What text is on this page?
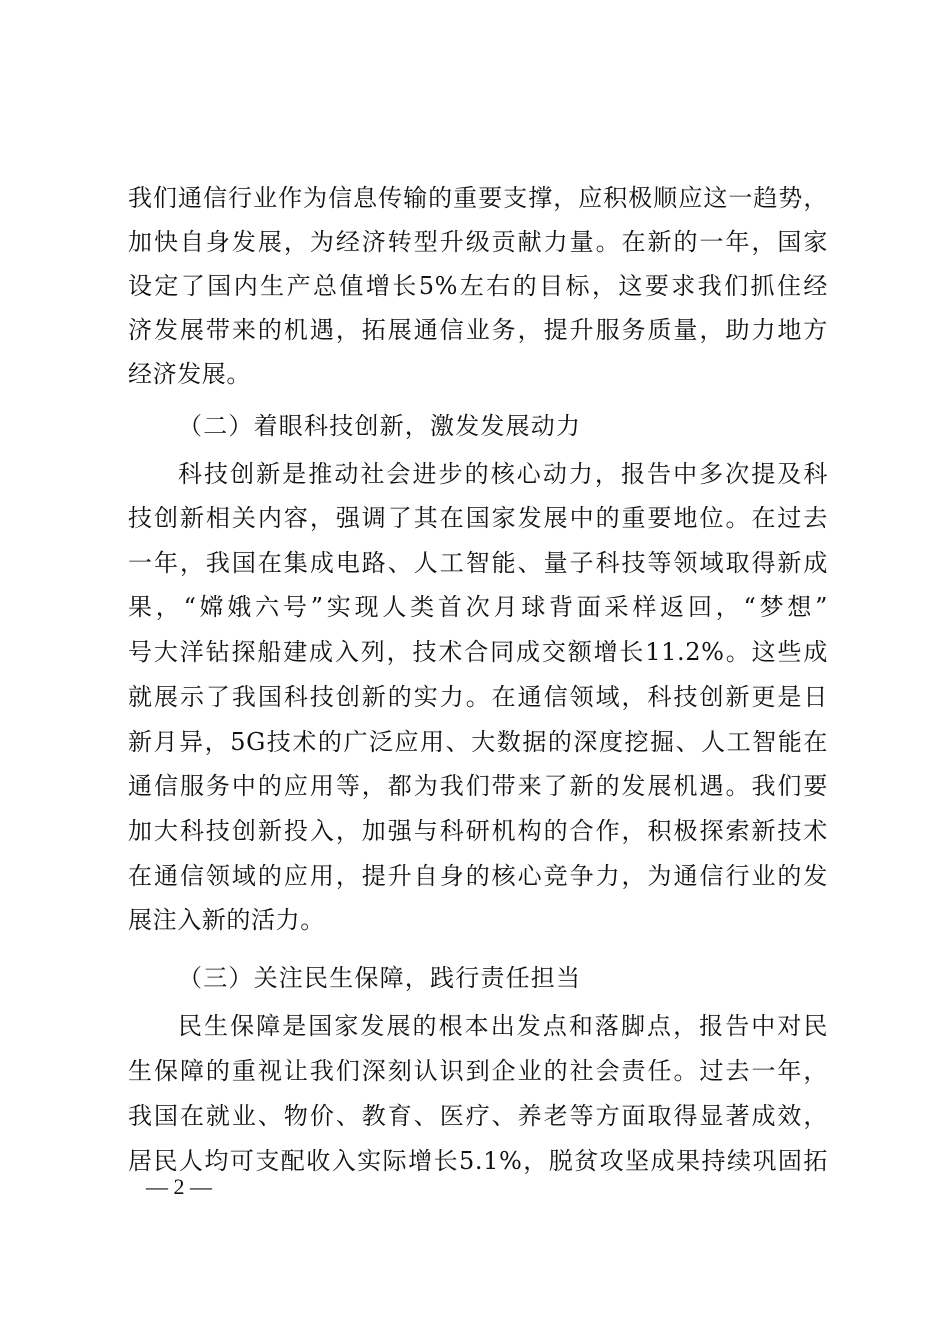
我们通信行业作为信息传输的重要支撑，应积极顺应这一趋势，
加快自身发展，为经济转型升级贡献力量。在新的一年，国家
设定了国内生产总值增长5%左右的目标，这要求我们抓住经
济发展带来的机遇，拓展通信业务，提升服务质量，助力地方
经济发展。
（二）着眼科技创新，激发发展动力
科技创新是推动社会进步的核心动力，报告中多次提及科
技创新相关内容，强调了其在国家发展中的重要地位。在过去
一年，我国在集成电路、人工智能、量子科技等领域取得新成
果，“嫦娥六号”实现人类首次月球背面采样返回，“梦想”
号大洋钻探船建成入列，技术合同成交额增长11.2%。这些成
就展示了我国科技创新的实力。在通信领域，科技创新更是日
新月异，5G技术的广泛应用、大数据的深度挖掘、人工智能在
通信服务中的应用等，都为我们带来了新的发展机遇。我们要
加大科技创新投入，加强与科研机构的合作，积极探索新技术
在通信领域的应用，提升自身的核心竞争力，为通信行业的发
展注入新的活力。
（三）关注民生保障，践行责任担当
民生保障是国家发展的根本出发点和落脚点，报告中对民
生保障的重视让我们深刻认识到企业的社会责任。过去一年，
我国在就业、物价、教育、医疗、养老等方面取得显著成效，
居民人均可支配收入实际增长5.1%，脱贫攻坚成果持续巩固拓
— 2 —
